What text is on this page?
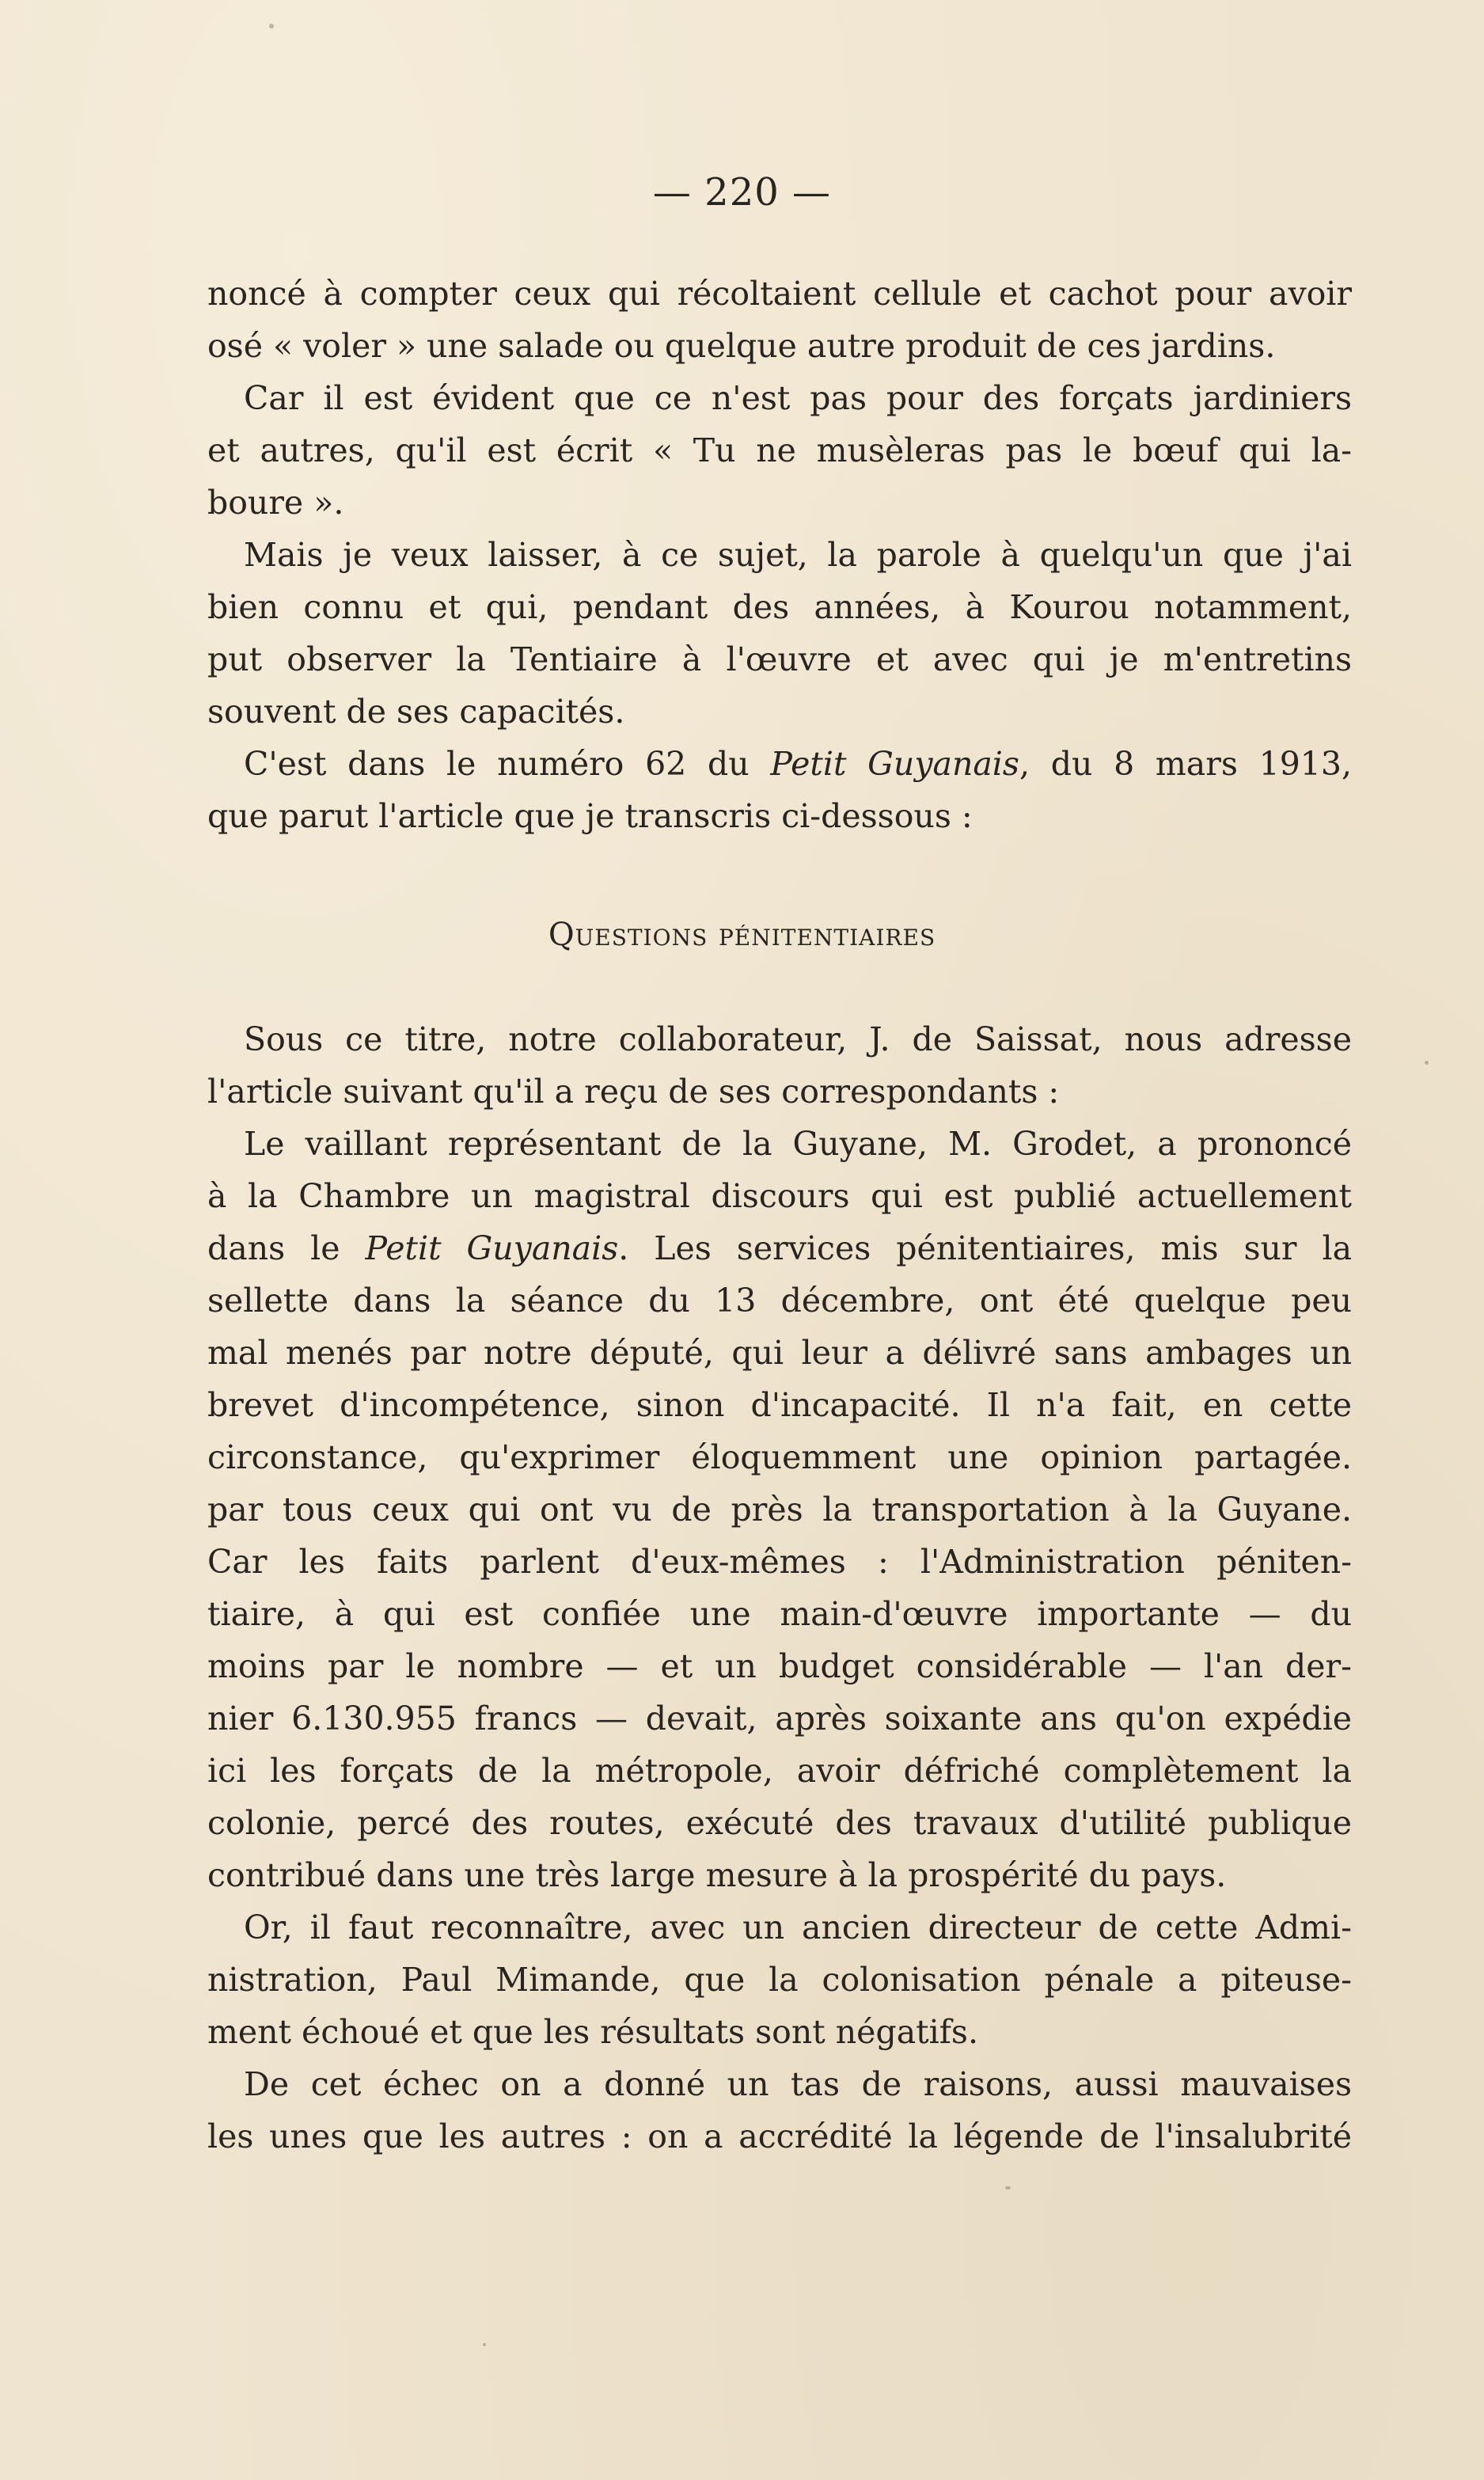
— 220 —
noncé à compter ceux qui récoltaient cellule et cachot pour avoir
osé « voler » une salade ou quelque autre produit de ces jardins.
Car il est évident que ce n'est pas pour des forçats jardiniers
et autres, qu'il est écrit « Tu ne musèleras pas le bœuf qui la-
boure ».
Mais je veux laisser, à ce sujet, la parole à quelqu'un que j'ai
bien connu et qui, pendant des années, à Kourou notamment,
put observer la Tentiaire à l'œuvre et avec qui je m'entretins
souvent de ses capacités.
C'est dans le numéro 62 du Petit Guyanais, du 8 mars 1913,
que parut l'article que je transcris ci-dessous :
Questions pénitentiaires
Sous ce titre, notre collaborateur, J. de Saissat, nous adresse
l'article suivant qu'il a reçu de ses correspondants :
Le vaillant représentant de la Guyane, M. Grodet, a prononcé
à la Chambre un magistral discours qui est publié actuellement
dans le Petit Guyanais. Les services pénitentiaires, mis sur la
sellette dans la séance du 13 décembre, ont été quelque peu
mal menés par notre député, qui leur a délivré sans ambages un
brevet d'incompétence, sinon d'incapacité. Il n'a fait, en cette
circonstance, qu'exprimer éloquemment une opinion partagée.
par tous ceux qui ont vu de près la transportation à la Guyane.
Car les faits parlent d'eux-mêmes : l'Administration péniten-
tiaire, à qui est confiée une main-d'œuvre importante — du
moins par le nombre — et un budget considérable — l'an der-
nier 6.130.955 francs — devait, après soixante ans qu'on expédie
ici les forçats de la métropole, avoir défriché complètement la
colonie, percé des routes, exécuté des travaux d'utilité publique
contribué dans une très large mesure à la prospérité du pays.
Or, il faut reconnaître, avec un ancien directeur de cette Admi-
nistration, Paul Mimande, que la colonisation pénale a piteuse-
ment échoué et que les résultats sont négatifs.
De cet échec on a donné un tas de raisons, aussi mauvaises
les unes que les autres : on a accrédité la légende de l'insalubrité
